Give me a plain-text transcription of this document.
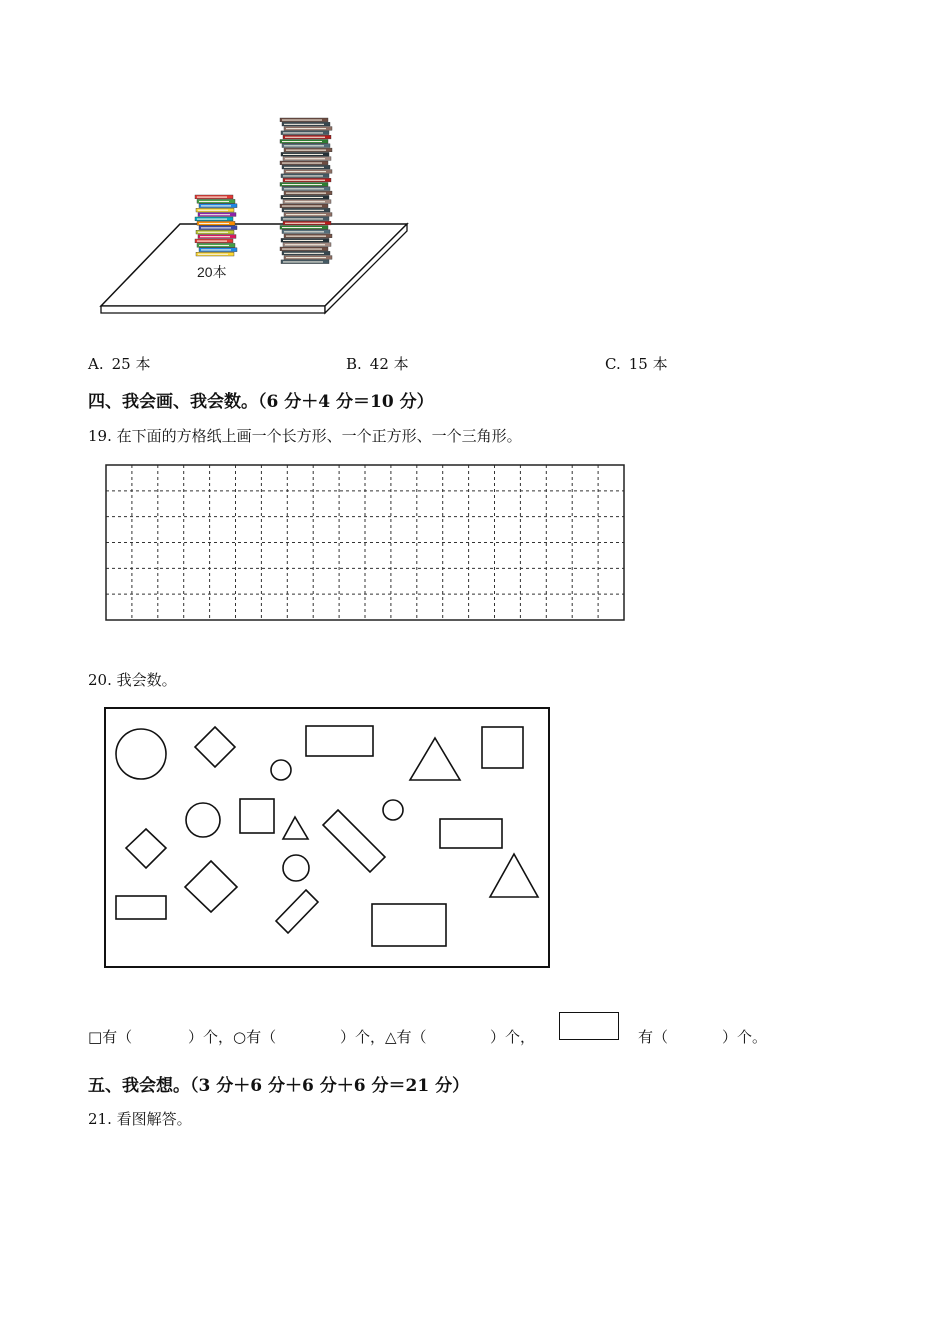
20本
A. 25 本	B. 42 本	C. 15 本
四、我会画、我会数。（6 分＋4 分＝10 分）
19. 在下面的方格纸上画一个长方形、一个正方形、一个三角形。
20. 我会数。
□有（	）个，○有（	）个，△有（	）个，	有（	）个。
五、我会想。（3 分＋6 分＋6 分＋6 分＝21 分）
21. 看图解答。
